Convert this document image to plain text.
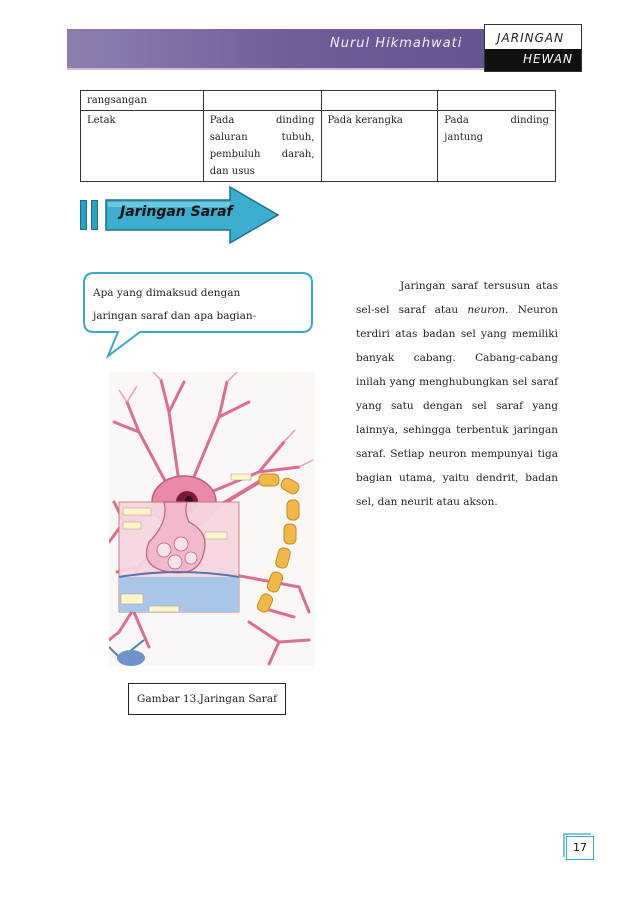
Nurul Hikmahwati	JARINGAN
HEWAN
rangsangan			
Letak	Pada dinding saluran tubuh, pembuluh darah, dan usus	Pada kerangka	Pada dinding jantung
Jaringan Saraf
Apa yang dimaksud dengan
jaringan saraf dan apa bagian-
Jaringan saraf tersusun atas sel-sel saraf atau neuron. Neuron terdiri atas badan sel yang memiliki banyak cabang. Cabang-cabang inilah yang menghubungkan sel saraf yang satu dengan sel saraf yang lainnya, sehingga terbentuk jaringan saraf. Setiap neuron mempunyai tiga bagian utama, yaitu dendrit, badan sel, dan neurit atau akson.
Gambar 13.Jaringan Saraf
17
